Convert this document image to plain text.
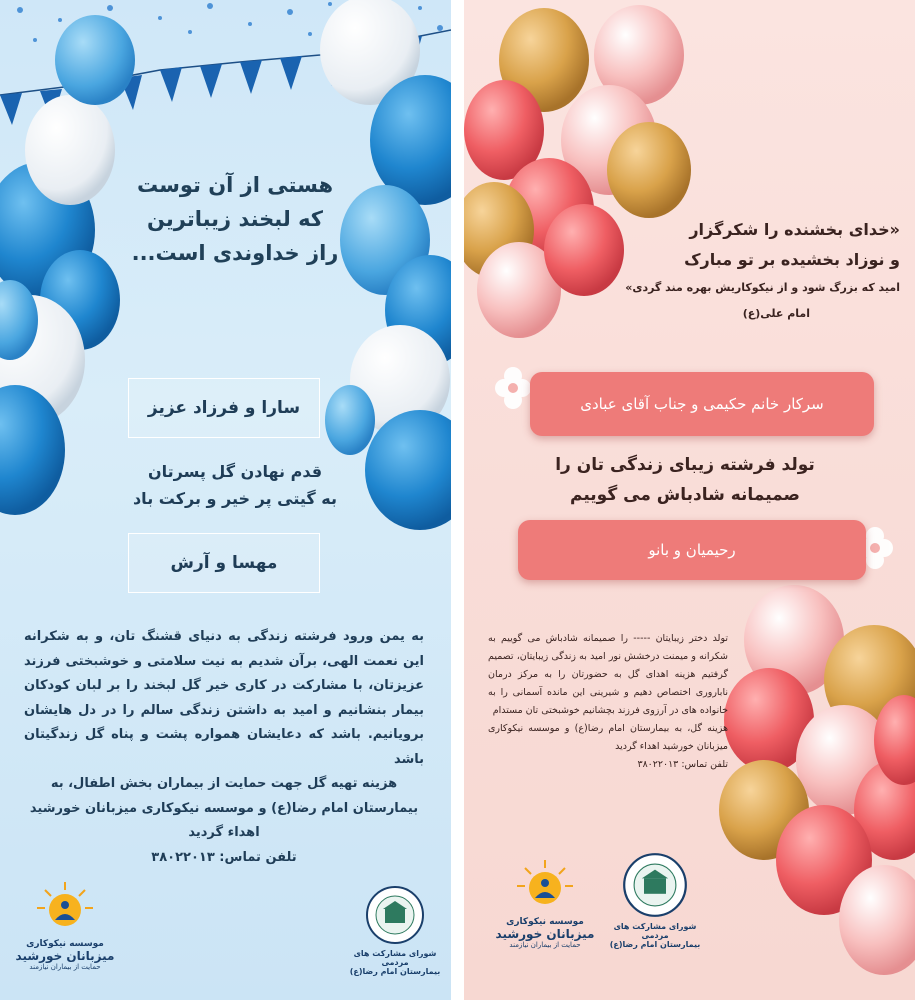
هستی از آن توست
که لبخند زیباترین
راز خداوندی است...
سارا و فرزاد عزیز
قدم نهادن گل پسرتان
به گیتی پر خیر و برکت باد
مهسا و آرش
به یمن ورود فرشته زندگی به دنیای قشنگ تان، و به شکرانه این نعمت الهی، برآن شدیم به نیت سلامتی و خوشبختی فرزند عزیزتان، با مشارکت در کاری خیر گل لبخند را بر لبان کودکان بیمار بنشانیم و امید به داشتن زندگی سالم را در دل هایشان برویانیم. باشد که دعایشان همواره پشت و پناه گل زندگیتان باشد
هزینه تهیه گل جهت حمایت از بیماران بخش اطفال، به بیمارستان امام رضا(ع) و موسسه نیکوکاری میزبانان خورشید اهداء گردید
تلفن تماس: ۳۸۰۲۲۰۱۳
موسسه نیکوکاری
میزبانان خورشید
حمایت از بیماران نیازمند
شورای مشارکت های مردمی
بیمارستان امام رضا(ع)
«خدای بخشنده را شکرگزار
و نوزاد بخشیده بر تو مبارک
امید که بزرگ شود و از نیکوکاریش بهره مند گردی»
امام علی(ع)
سرکار خانم حکیمی و جناب آقای عبادی
تولد فرشته زیبای زندگی تان را
صمیمانه شادباش می گوییم
رحیمیان و بانو
تولد دختر زیبایتان ----- را صمیمانه شادباش می گوییم به شکرانه و میمنت درخشش نور امید به زندگی زیبایتان، تصمیم گرفتیم هزینه اهدای گل به حضورتان را به مرکز درمان ناباروری اختصاص دهیم و شیرینی این مانده آسمانی را به خانواده های در آرزوی فرزند بچشانیم خوشبختی تان مستدام
هزینه گل، به بیمارستان امام رضا(ع) و موسسه نیکوکاری میزبانان خورشید اهداء گردید
تلفن تماس: ۳۸۰۲۲۰۱۳
موسسه نیکوکاری
میزبانان خورشید
حمایت از بیماران نیازمند
شورای مشارکت های مردمی
بیمارستان امام رضا(ع)
